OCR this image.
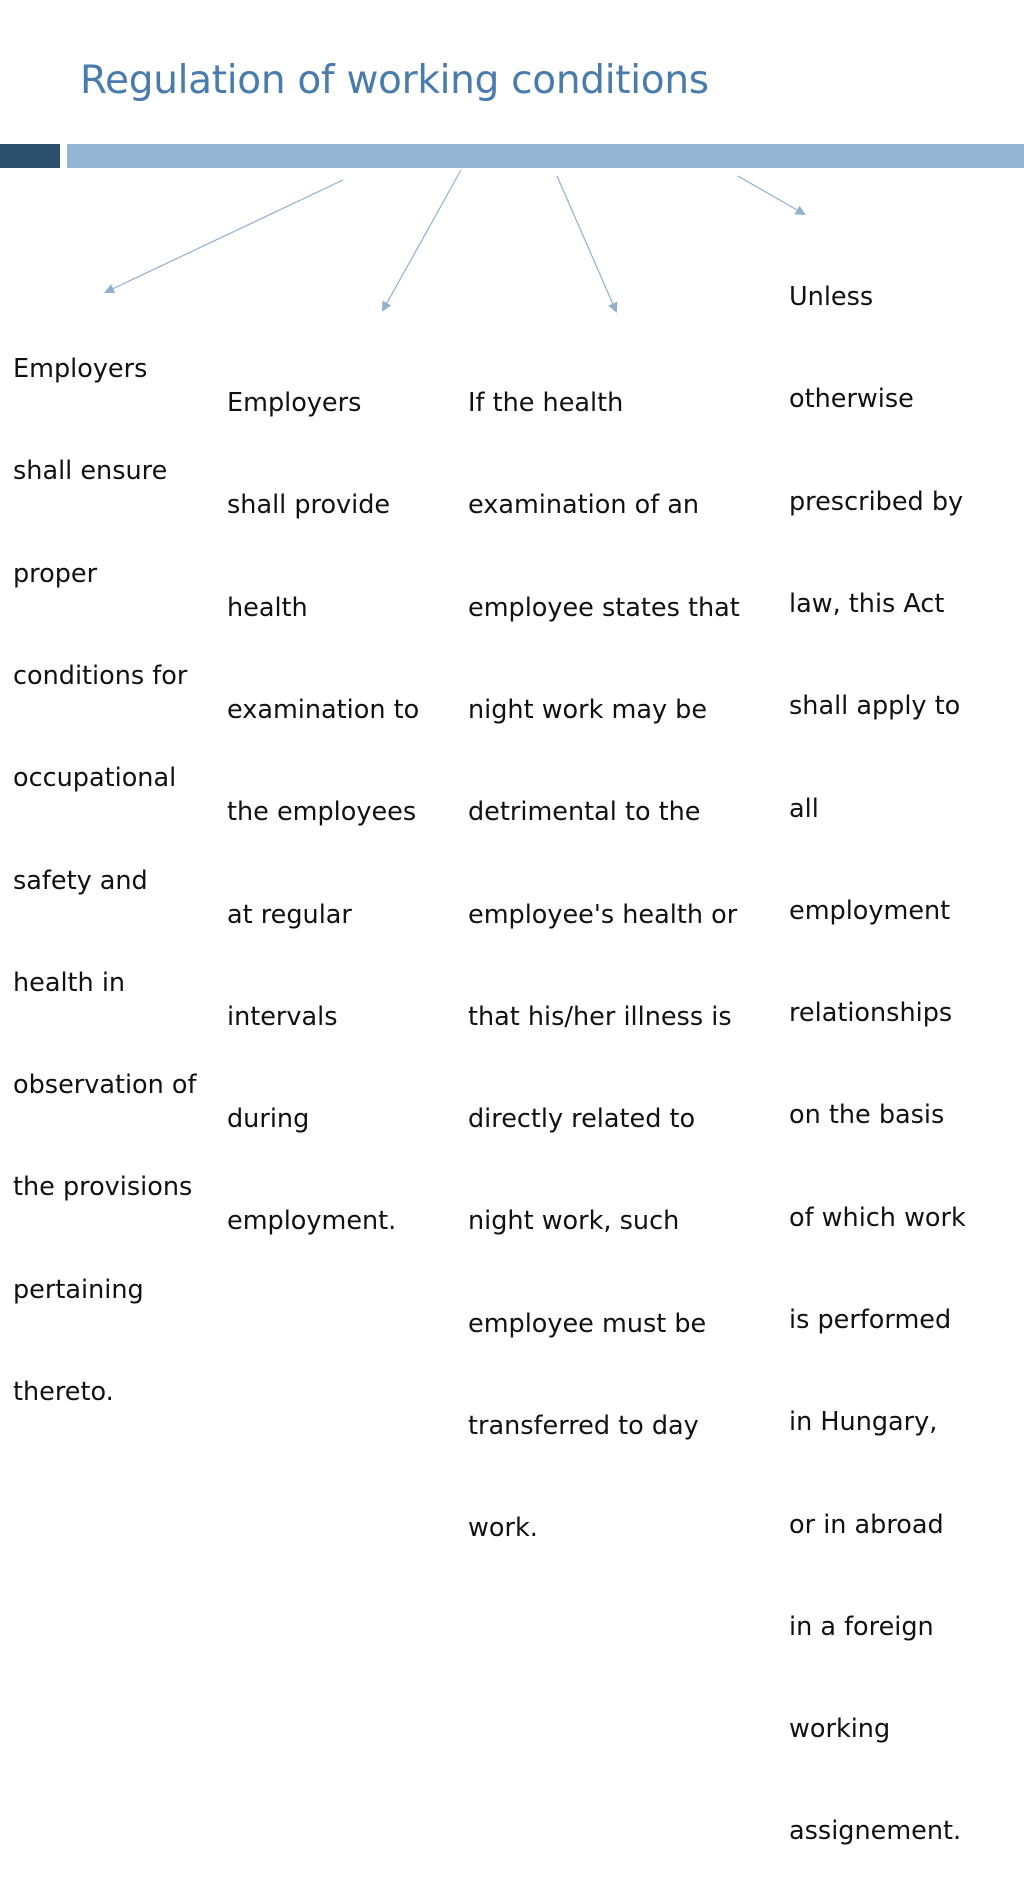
Regulation of working conditions

Employers

shall ensure

proper

conditions for

occupational

safety and

health in

observation of

the provisions

pertaining

thereto.

Employers

shall provide

health

examination to

the employees

at regular

intervals

during

employment.

If the health

examination of an

employee states that

night work may be

detrimental to the

employee's health or

that his/her illness is

directly related to

night work, such

employee must be

transferred to day

work.

Unless

otherwise

prescribed by

law, this Act

shall apply to

all

employment

relationships

on the basis

of which work

is performed

in Hungary,

or in abroad

in a foreign

working

assignement.
